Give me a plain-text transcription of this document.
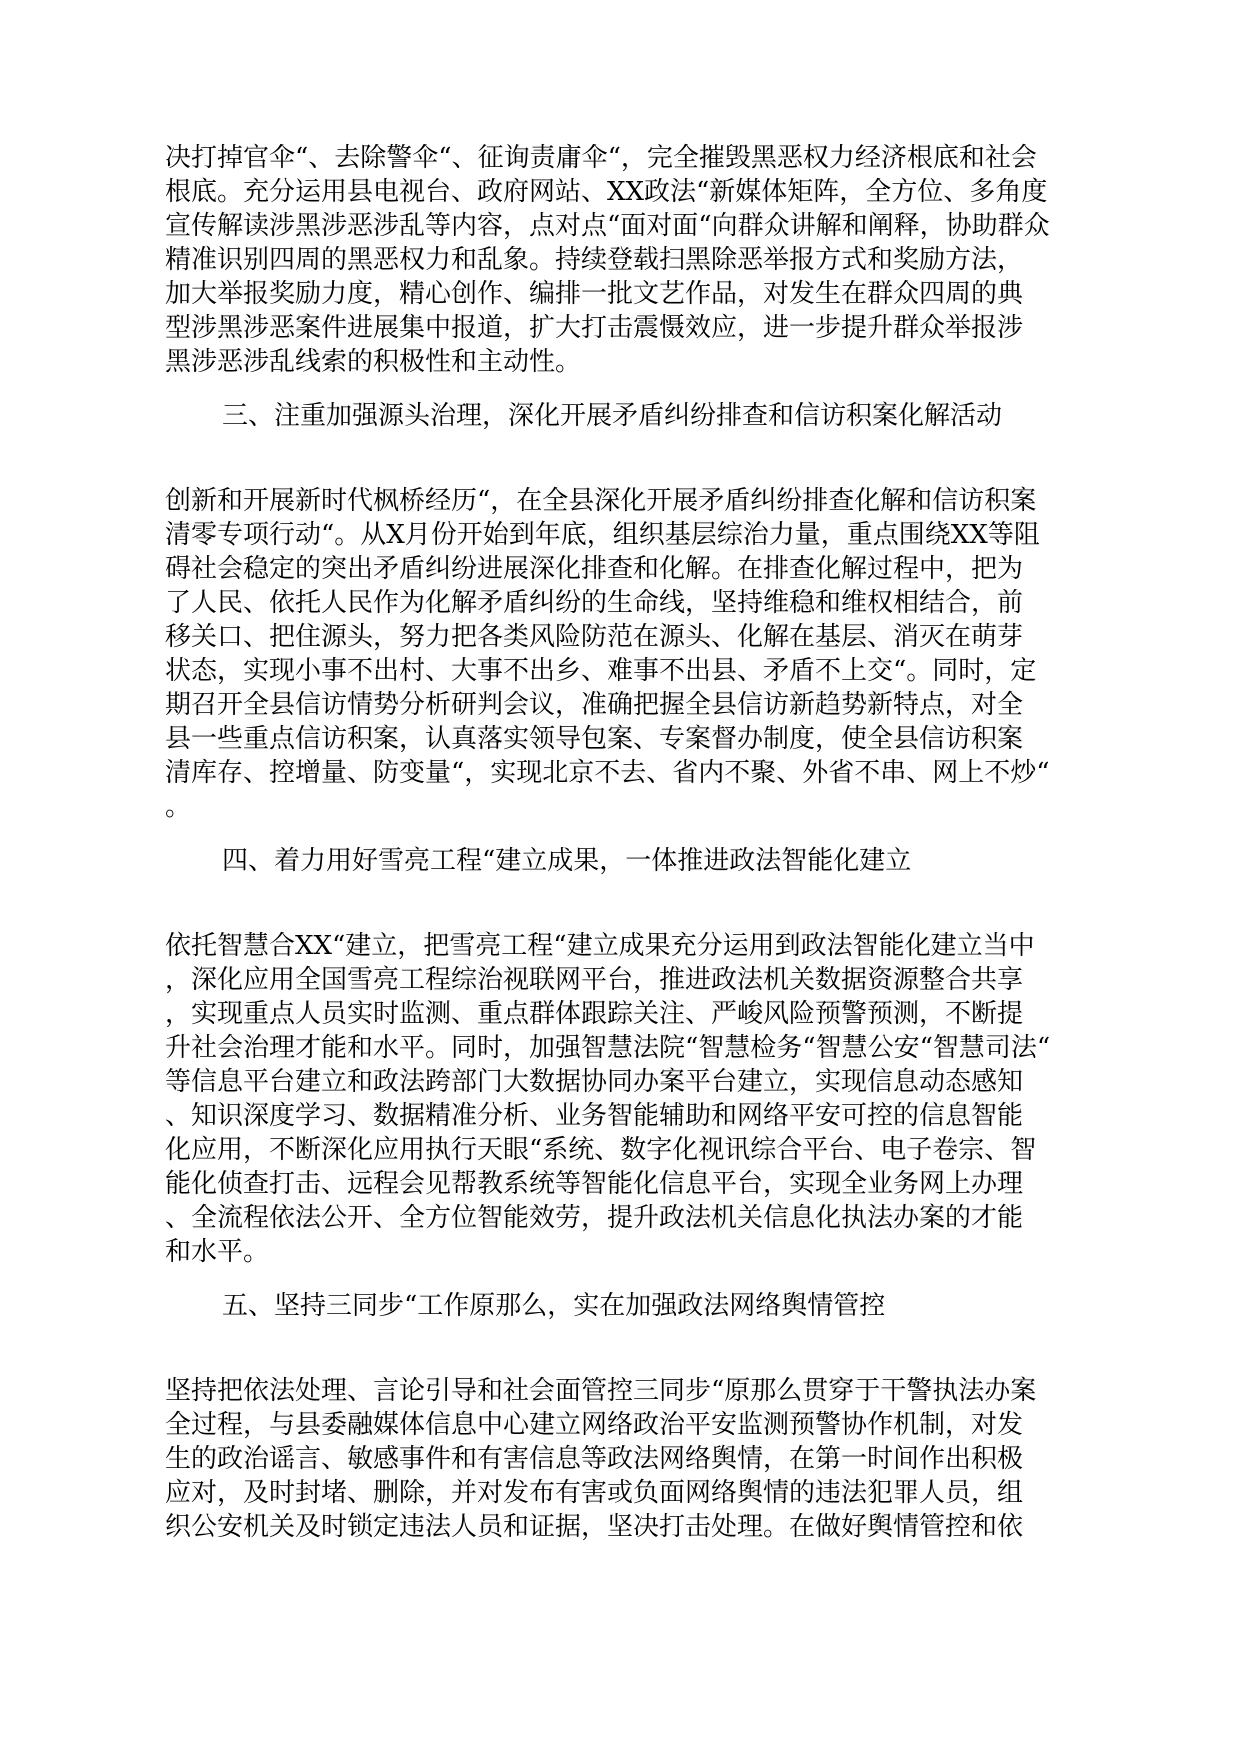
决打掉官伞“、去除警伞“、征询责庸伞“，完全摧毁黑恶权力经济根底和社会
根底。充分运用县电视台、政府网站、XX政法“新媒体矩阵，全方位、多角度
宣传解读涉黑涉恶涉乱等内容，点对点“面对面“向群众讲解和阐释，协助群众
精准识别四周的黑恶权力和乱象。持续登载扫黑除恶举报方式和奖励方法，
加大举报奖励力度，精心创作、编排一批文艺作品，对发生在群众四周的典
型涉黑涉恶案件进展集中报道，扩大打击震慑效应，进一步提升群众举报涉
黑涉恶涉乱线索的积极性和主动性。
三、注重加强源头治理，深化开展矛盾纠纷排查和信访积案化解活动
创新和开展新时代枫桥经历“，在全县深化开展矛盾纠纷排查化解和信访积案
清零专项行动“。从X月份开始到年底，组织基层综治力量，重点围绕XX等阻
碍社会稳定的突出矛盾纠纷进展深化排查和化解。在排查化解过程中，把为
了人民、依托人民作为化解矛盾纠纷的生命线，坚持维稳和维权相结合，前
移关口、把住源头，努力把各类风险防范在源头、化解在基层、消灭在萌芽
状态，实现小事不出村、大事不出乡、难事不出县、矛盾不上交“。同时，定
期召开全县信访情势分析研判会议，准确把握全县信访新趋势新特点，对全
县一些重点信访积案，认真落实领导包案、专案督办制度，使全县信访积案
清库存、控增量、防变量“，实现北京不去、省内不聚、外省不串、网上不炒“
。
四、着力用好雪亮工程“建立成果，一体推进政法智能化建立
依托智慧合XX“建立，把雪亮工程“建立成果充分运用到政法智能化建立当中
，深化应用全国雪亮工程综治视联网平台，推进政法机关数据资源整合共享
，实现重点人员实时监测、重点群体跟踪关注、严峻风险预警预测，不断提
升社会治理才能和水平。同时，加强智慧法院“智慧检务“智慧公安“智慧司法“
等信息平台建立和政法跨部门大数据协同办案平台建立，实现信息动态感知
、知识深度学习、数据精准分析、业务智能辅助和网络平安可控的信息智能
化应用，不断深化应用执行天眼“系统、数字化视讯综合平台、电子卷宗、智
能化侦查打击、远程会见帮教系统等智能化信息平台，实现全业务网上办理
、全流程依法公开、全方位智能效劳，提升政法机关信息化执法办案的才能
和水平。
五、坚持三同步“工作原那么，实在加强政法网络舆情管控
坚持把依法处理、言论引导和社会面管控三同步“原那么贯穿于干警执法办案
全过程，与县委融媒体信息中心建立网络政治平安监测预警协作机制，对发
生的政治谣言、敏感事件和有害信息等政法网络舆情，在第一时间作出积极
应对，及时封堵、删除，并对发布有害或负面网络舆情的违法犯罪人员，组
织公安机关及时锁定违法人员和证据，坚决打击处理。在做好舆情管控和依
